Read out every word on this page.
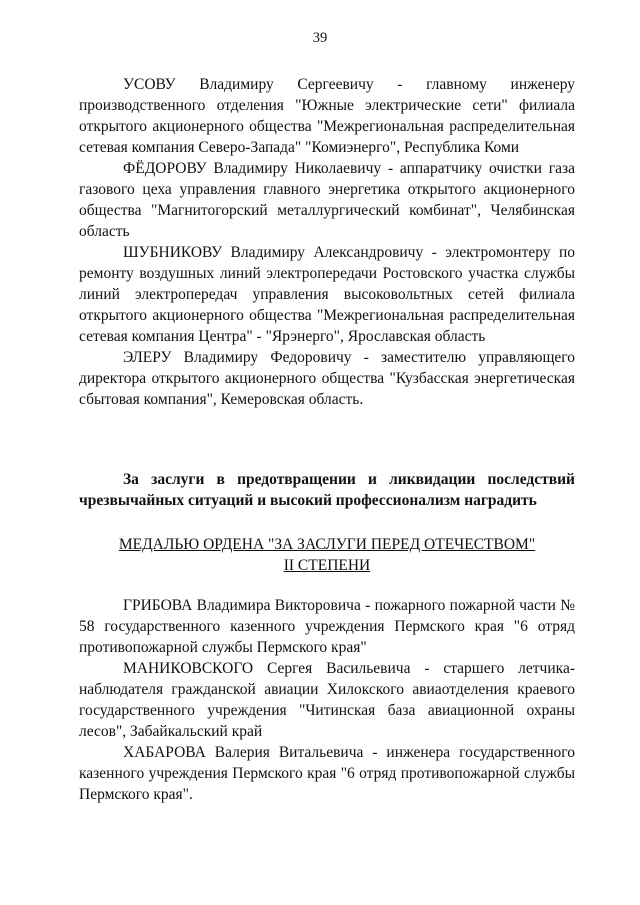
39

УСОВУ Владимиру Сергеевичу - главному инженеру производственного отделения "Южные электрические сети" филиала открытого акционерного общества "Межрегиональная распределительная сетевая компания Северо-Запада" "Комиэнерго", Республика Коми

ФЁДОРОВУ Владимиру Николаевичу - аппаратчику очистки газа газового цеха управления главного энергетика открытого акционерного общества "Магнитогорский металлургический комбинат", Челябинская область

ШУБНИКОВУ Владимиру Александровичу - электромонтеру по ремонту воздушных линий электропередачи Ростовского участка службы линий электропередач управления высоковольтных сетей филиала открытого акционерного общества "Межрегиональная распределительная сетевая компания Центра" - "Ярэнерго", Ярославская область

ЭЛЕРУ Владимиру Федоровичу - заместителю управляющего директора открытого акционерного общества "Кузбасская энергетическая сбытовая компания", Кемеровская область.

За заслуги в предотвращении и ликвидации последствий чрезвычайных ситуаций и высокий профессионализм наградить

МЕДАЛЬЮ ОРДЕНА "ЗА ЗАСЛУГИ ПЕРЕД ОТЕЧЕСТВОМ"
II СТЕПЕНИ

ГРИБОВА Владимира Викторовича - пожарного пожарной части № 58 государственного казенного учреждения Пермского края "6 отряд противопожарной службы Пермского края"

МАНИКОВСКОГО Сергея Васильевича - старшего летчика-наблюдателя гражданской авиации Хилокского авиаотделения краевого государственного учреждения "Читинская база авиационной охраны лесов", Забайкальский край

ХАБАРОВА Валерия Витальевича - инженера государственного казенного учреждения Пермского края "6 отряд противопожарной службы Пермского края".
